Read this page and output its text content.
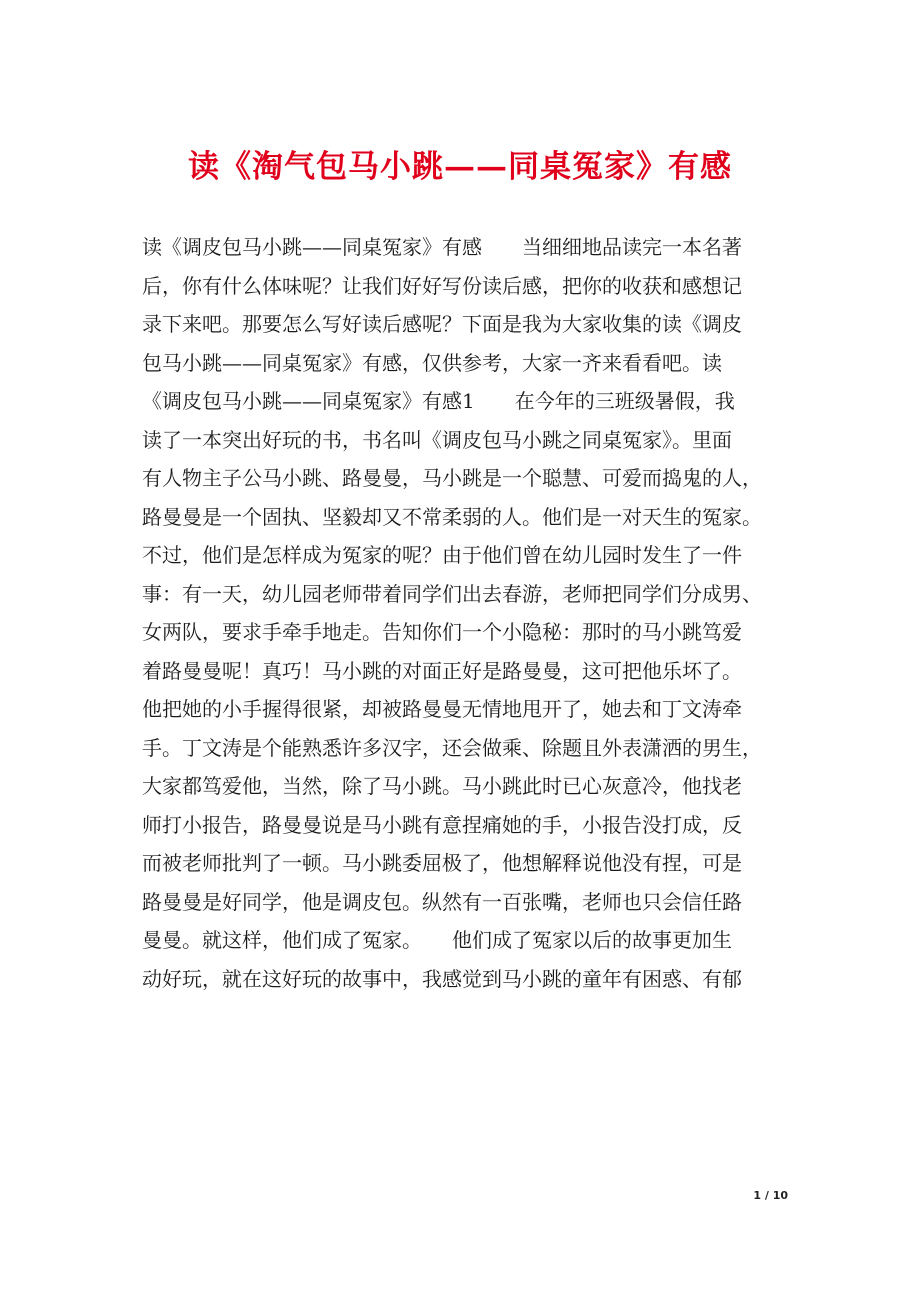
读《淘气包马小跳——同桌冤家》有感
读《调皮包马小跳——同桌冤家》有感　　当细细地品读完一本名著
后，你有什么体味呢？让我们好好写份读后感，把你的收获和感想记
录下来吧。那要怎么写好读后感呢？下面是我为大家收集的读《调皮
包马小跳——同桌冤家》有感，仅供参考，大家一齐来看看吧。读
《调皮包马小跳——同桌冤家》有感1　　在今年的三班级暑假，我
读了一本突出好玩的书，书名叫《调皮包马小跳之同桌冤家》。里面
有人物主子公马小跳、路曼曼，马小跳是一个聪慧、可爱而捣鬼的人，
路曼曼是一个固执、坚毅却又不常柔弱的人。他们是一对天生的冤家。
不过，他们是怎样成为冤家的呢？由于他们曾在幼儿园时发生了一件
事：有一天，幼儿园老师带着同学们出去春游，老师把同学们分成男、
女两队，要求手牵手地走。告知你们一个小隐秘：那时的马小跳笃爱
着路曼曼呢！真巧！马小跳的对面正好是路曼曼，这可把他乐坏了。
他把她的小手握得很紧，却被路曼曼无情地甩开了，她去和丁文涛牵
手。丁文涛是个能熟悉许多汉字，还会做乘、除题且外表潇洒的男生，
大家都笃爱他，当然，除了马小跳。马小跳此时已心灰意冷，他找老
师打小报告，路曼曼说是马小跳有意捏痛她的手，小报告没打成，反
而被老师批判了一顿。马小跳委屈极了，他想解释说他没有捏，可是
路曼曼是好同学，他是调皮包。纵然有一百张嘴，老师也只会信任路
曼曼。就这样，他们成了冤家。　　他们成了冤家以后的故事更加生
动好玩，就在这好玩的故事中，我感觉到马小跳的童年有困惑、有郁
1 / 10
